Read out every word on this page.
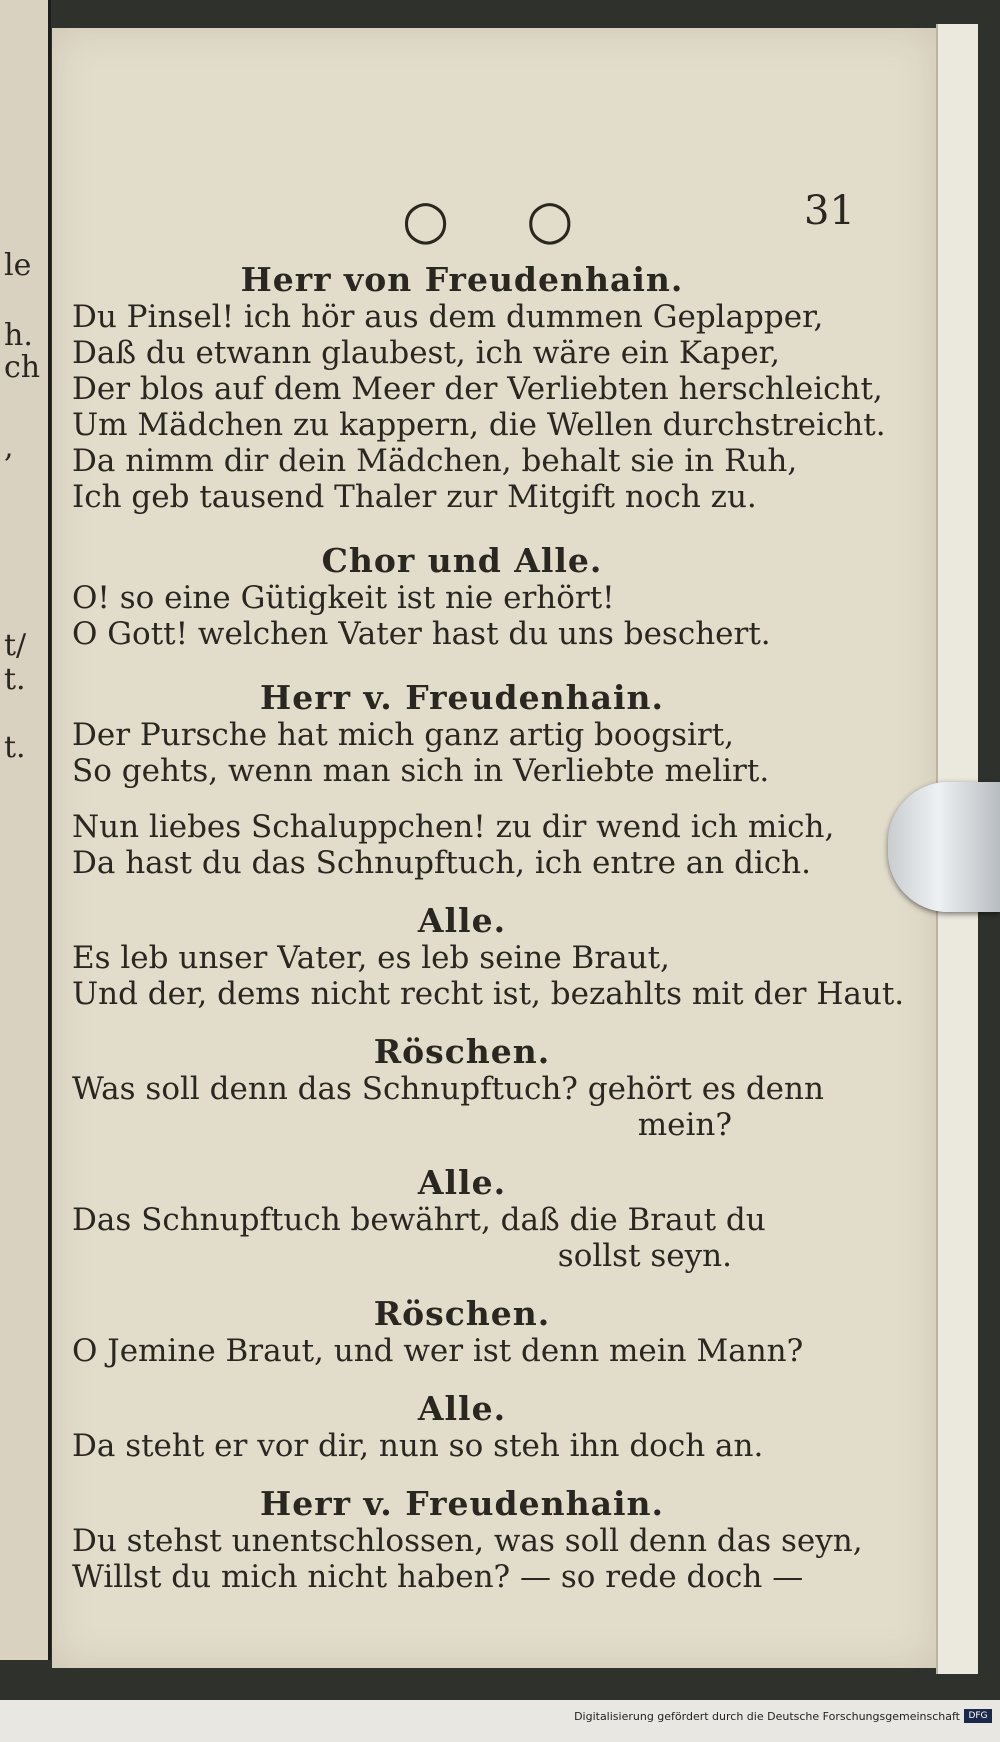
le
h.
ch
,
t/
t.
t.
○ ○	31

Herr von Freudenhain.

Du Pinsel! ich hör aus dem dummen Geplapper,

Daß du etwann glaubest, ich wäre ein Kaper,

Der blos auf dem Meer der Verliebten herschleicht,

Um Mädchen zu kappern, die Wellen durchstreicht.

Da nimm dir dein Mädchen, behalt sie in Ruh,

Ich geb tausend Thaler zur Mitgift noch zu.

Chor und Alle.

O! so eine Gütigkeit ist nie erhört!

O Gott! welchen Vater hast du uns beschert.

Herr v. Freudenhain.

Der Pursche hat mich ganz artig boogsirt,

So gehts, wenn man sich in Verliebte melirt.

Nun liebes Schaluppchen! zu dir wend ich mich,

Da hast du das Schnupftuch, ich entre an dich.

Alle.

Es leb unser Vater, es leb seine Braut,

Und der, dems nicht recht ist, bezahlts mit der Haut.

Röschen.

Was soll denn das Schnupftuch? gehört es denn

mein?

Alle.

Das Schnupftuch bewährt, daß die Braut du

sollst seyn.

Röschen.

O Jemine Braut, und wer ist denn mein Mann?

Alle.

Da steht er vor dir, nun so steh ihn doch an.

Herr v. Freudenhain.

Du stehst unentschlossen, was soll denn das seyn,

Willst du mich nicht haben? — so rede doch —

Digitalisierung gefördert durch die Deutsche Forschungsgemeinschaft DFG
